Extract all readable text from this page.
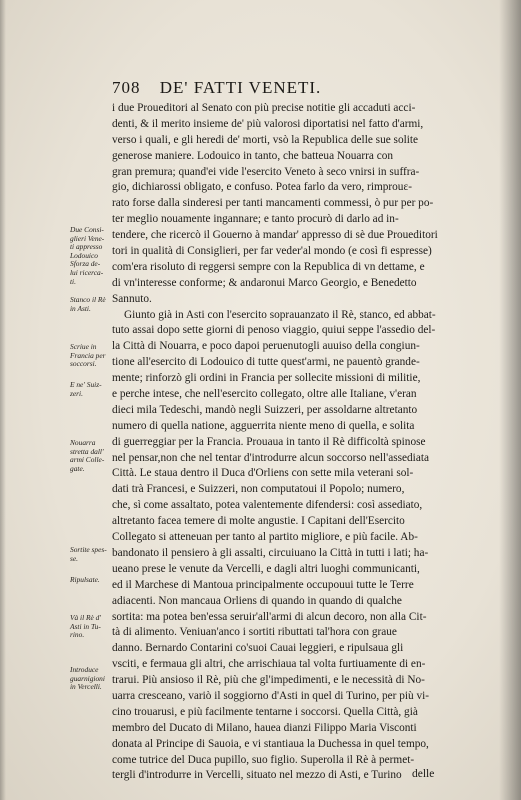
708 DE' FATTI VENETI.
i due Proueditori al Senato con più precise notitie gli accaduti acci-
denti, & il merito insieme de' più valorosi diportatisi nel fatto d'armi,
verso i quali, e gli heredi de' morti, vsò la Republica delle sue solite
generose maniere. Lodouico in tanto, che batteua Nouarra con
gran premura; quand'ei vide l'esercito Veneto à seco vnirsi in suffra-
gio, dichiarossi obligato, e confuso. Potea farlo da vero, rimprouε-
rato forse dalla sinderesi per tanti mancamenti commessi, ò pur per po-
ter meglio nouamente ingannare; e tanto procurò di darlo ad in-
tendere, che ricercò il Gouerno à mandar' appresso di sè due Proueditori
tori in qualità di Consiglieri, per far veder'al mondo (e così fi espresse)
com'era risoluto di reggersi sempre con la Republica di vn dettame, e
di vn'interesse conforme; & andaronui Marco Georgio, e Benedetto
Sannuto.
Giunto già in Asti con l'esercito soprauanzato il Rè, stanco, ed abbat-
tuto assai dopo sette giorni di penoso viaggio, quiui seppe l'assedio del-
la Città di Nouarra, e poco dapoi peruenutogli auuiso della congiun-
tione all'esercito di Lodouico di tutte quest'armi, ne pauentò grande-
mente; rinforzò gli ordini in Francia per sollecite missioni di militie,
e perche intese, che nell'esercito collegato, oltre alle Italiane, v'eran
dieci mila Tedeschi, mandò negli Suizzeri, per assoldarne altretanto
numero di quella natione, agguerrita niente meno di quella, e solita
di guerreggiar per la Francia. Prouaua in tanto il Rè difficoltà spinose
nel pensar,non che nel tentar d'introdurre alcun soccorso nell'assediata
Città. Le staua dentro il Duca d'Orliens con sette mila veterani sol-
dati trà Francesi, e Suizzeri, non computatoui il Popolo; numero,
che, sì come assaltato, potea valentemente difendersi: così assediato,
altretanto facea temere di molte angustie. I Capitani dell'Esercito
Collegato si atteneuan per tanto al partito migliore, e più facile. Ab-
bandonato il pensiero à gli assalti, circuiuano la Città in tutti i lati; ha-
ueano prese le venute da Vercelli, e dagli altri luoghi communicanti,
ed il Marchese di Mantoua principalmente occupouui tutte le Terre
adiacenti. Non mancaua Orliens di quando in quando di qualche
sortita: ma potea ben'essa seruir'all'armi di alcun decoro, non alla Cit-
tà di alimento. Veniuan'anco i sortiti ributtati tal'hora con graue
danno. Bernardo Contarini co'suoi Cauai leggieri, e ripulsaua gli
vsciti, e fermaua gli altri, che arrischiaua tal volta furtiuamente di en-
trarui. Più ansioso il Rè, più che gl'impedimenti, e le necessità di No-
uarra cresceano, variò il soggiorno d'Asti in quel di Turino, per più vi-
cino trouarusi, e più facilmente tentarne i soccorsi. Quella Città, già
membro del Ducato di Milano, hauea dianzi Filippo Maria Visconti
donata al Principe di Sauoia, e vi stantiaua la Duchessa in quel tempo,
come tutrice del Duca pupillo, suo figlio. Superolla il Rè à permet-
tergli d'introdurre in Vercelli, situato nel mezzo di Asti, e Turino
Due Consi-
glieri Vene-
ti appresso
Lodouico
Sforza de-
lui ricerca-
ti.
Stanco il Rè
in Asti.
Scriue in
Francia per
soccorsi.
E ne' Suiz-
zeri.
Nouarra
stretta dall'
armi Colle-
gate.
Sortite spes-
se.
Ripulsate.
Và il Rè d'
Asti in Tu-
rino.
Introduce
guarnigioni
in Vercelli.
delle
